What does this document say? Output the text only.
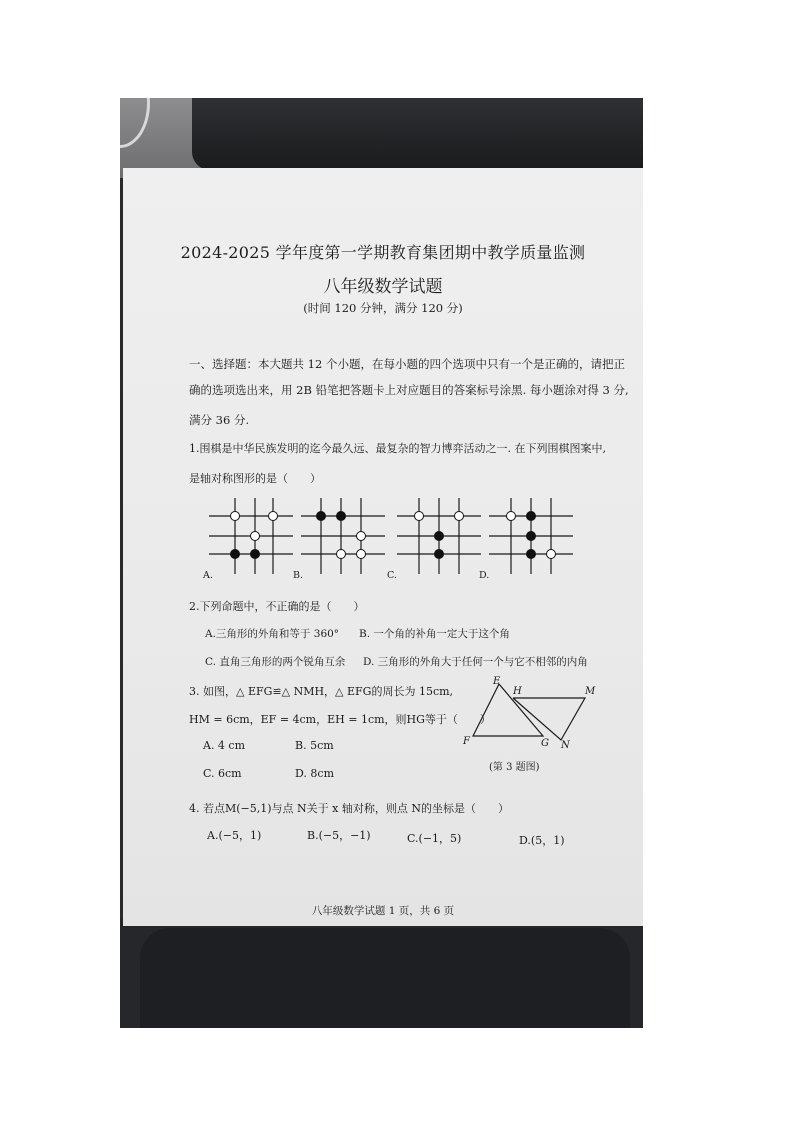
2024-2025 学年度第一学期教育集团期中教学质量监测
八年级数学试题
(时间 120 分钟，满分 120 分)
一、选择题：本大题共 12 个小题，在每小题的四个选项中只有一个是正确的，请把正
确的选项选出来，用 2B 铅笔把答题卡上对应题目的答案标号涂黑. 每小题涂对得 3 分,
满分 36 分.
1.围棋是中华民族发明的迄今最久远、最复杂的智力博弈活动之一. 在下列围棋图案中,
是轴对称图形的是（　　）
A.	B.	C.	D.
2.下列命题中，不正确的是（　　）
A.三角形的外角和等于 360° B. 一个角的补角一定大于这个角
C. 直角三角形的两个锐角互余 D. 三角形的外角大于任何一个与它不相邻的内角
3. 如图，△ EFG≌△ NMH，△ EFG的周长为 15cm,
HM = 6cm，EF = 4cm，EH = 1cm，则HG等于（　　）
A. 4 cm	B. 5cm
C. 6cm	D. 8cm
E
H	M
F	G N
(第 3 题图)
4. 若点M(−5,1)与点 N关于 x 轴对称，则点 N的坐标是（　　）
A.(−5，1)	B.(−5，−1)	C.(−1，5)	D.(5，1)
八年级数学试题 1 页，共 6 页
